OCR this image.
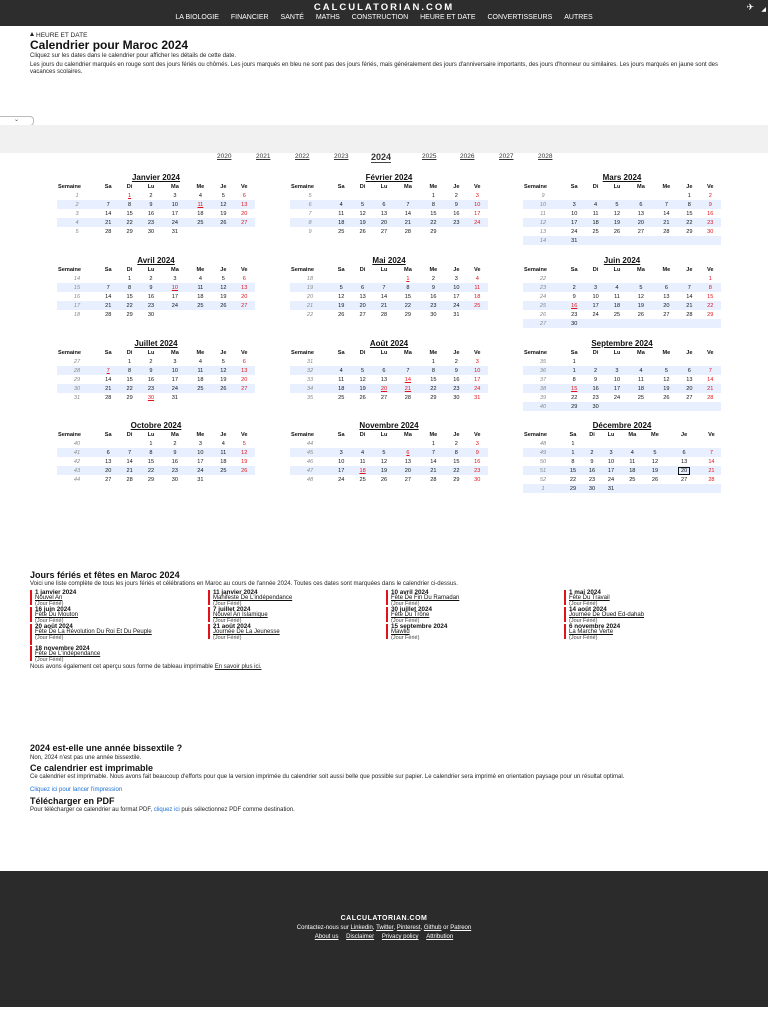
CALCULATORIAN.COM
LA BIOLOGIE FINANCIER SANTÉ MATHS CONSTRUCTION HEURE ET DATE CONVERTISSEURS AUTRES
✈ ◢
HEURE ET DATE
Calendrier pour Maroc 2024
Cliquez sur les dates dans le calendrier pour afficher les détails de cette date.
Les jours du calendrier marqués en rouge sont des jours fériés ou chômés. Les jours marqués en bleu ne sont pas des jours fériés, mais généralement des jours d'anniversaire importants, des jours d'honneur ou similaires. Les jours marqués en jaune sont des vacances scolaires.
⌄
2020	2021	2022	2023	2024	2025	2026	2027	2028
Janvier 2024
Semaine	Sa	Di	Lu	Ma	Me	Je	Ve
1		1	2	3	4	5	6
2	7	8	9	10	11	12	13
3	14	15	16	17	18	19	20
4	21	22	23	24	25	26	27
5	28	29	30	31			
Février 2024
Semaine	Sa	Di	Lu	Ma	Me	Je	Ve
5					1	2	3
6	4	5	6	7	8	9	10
7	11	12	13	14	15	16	17
8	18	19	20	21	22	23	24
9	25	26	27	28	29		
Mars 2024
Semaine	Sa	Di	Lu	Ma	Me	Je	Ve
9						1	2
10	3	4	5	6	7	8	9
11	10	11	12	13	14	15	16
12	17	18	19	20	21	22	23
13	24	25	26	27	28	29	30
14	31						
Avril 2024
Semaine	Sa	Di	Lu	Ma	Me	Je	Ve
14		1	2	3	4	5	6
15	7	8	9	10	11	12	13
16	14	15	16	17	18	19	20
17	21	22	23	24	25	26	27
18	28	29	30				
Mai 2024
Semaine	Sa	Di	Lu	Ma	Me	Je	Ve
18				1	2	3	4
19	5	6	7	8	9	10	11
20	12	13	14	15	16	17	18
21	19	20	21	22	23	24	25
22	26	27	28	29	30	31	
Juin 2024
Semaine	Sa	Di	Lu	Ma	Me	Je	Ve
22							1
23	2	3	4	5	6	7	8
24	9	10	11	12	13	14	15
25	16	17	18	19	20	21	22
26	23	24	25	26	27	28	29
27	30						
Juillet 2024
Semaine	Sa	Di	Lu	Ma	Me	Je	Ve
27		1	2	3	4	5	6
28	7	8	9	10	11	12	13
29	14	15	16	17	18	19	20
30	21	22	23	24	25	26	27
31	28	29	30	31			
Août 2024
Semaine	Sa	Di	Lu	Ma	Me	Je	Ve
31					1	2	3
32	4	5	6	7	8	9	10
33	11	12	13	14	15	16	17
34	18	19	20	21	22	23	24
35	25	26	27	28	29	30	31
Septembre 2024
Semaine	Sa	Di	Lu	Ma	Me	Je	Ve
35	1						
36	1	2	3	4	5	6	7
37	8	9	10	11	12	13	14
38	15	16	17	18	19	20	21
39	22	23	24	25	26	27	28
40	29	30					
Octobre 2024
Semaine	Sa	Di	Lu	Ma	Me	Je	Ve
40			1	2	3	4	5
41	6	7	8	9	10	11	12
42	13	14	15	16	17	18	19
43	20	21	22	23	24	25	26
44	27	28	29	30	31		
Novembre 2024
Semaine	Sa	Di	Lu	Ma	Me	Je	Ve
44					1	2	3
45	3	4	5	6	7	8	9
46	10	11	12	13	14	15	16
47	17	18	19	20	21	22	23
48	24	25	26	27	28	29	30
Décembre 2024
Semaine	Sa	Di	Lu	Ma	Me	Je	Ve
48	1						
49	1	2	3	4	5	6	7
50	8	9	10	11	12	13	14
51	15	16	17	18	19	20	21
52	22	23	24	25	26	27	28
1	29	30	31				
Jours fériés et fêtes en Maroc 2024
Voici une liste complète de tous les jours fériés et célébrations en Maroc au cours de l'année 2024. Toutes ces dates sont marquées dans le calendrier ci-dessus.
1 janvier 2024
Nouvel An
(Jour Férié)
11 janvier 2024
Manifeste De L'indépendance
(Jour Férié)
10 avril 2024
Fête De Fin Du Ramadan
(Jour Férié)
1 mai 2024
Fête Du Travail
(Jour Férié)
16 juin 2024
Fête Du Mouton
(Jour Férié)
7 juillet 2024
Nouvel An Islamique
(Jour Férié)
30 juillet 2024
Fête Du Trône
(Jour Férié)
14 août 2024
Journée De Oued Ed-dahab
(Jour Férié)
20 août 2024
Fête De La Révolution Du Roi Et Du Peuple
(Jour Férié)
21 août 2024
Journée De La Jeunesse
(Jour Férié)
15 septembre 2024
Mawlid
(Jour Férié)
6 novembre 2024
La Marche Verte
(Jour Férié)
18 novembre 2024
Fête De L'indépendance
(Jour Férié)
Nous avons également cet aperçu sous forme de tableau imprimable En savoir plus ici.
2024 est-elle une année bissextile ?
Non, 2024 n'est pas une année bissextile.
Ce calendrier est imprimable
Ce calendrier est imprimable. Nous avons fait beaucoup d'efforts pour que la version imprimée du calendrier soit aussi belle que possible sur papier. Le calendrier sera imprimé en orientation paysage pour un résultat optimal.
Cliquez ici pour lancer l'impression
Télécharger en PDF
Pour télécharger ce calendrier au format PDF, cliquez ici puis sélectionnez PDF comme destination.
CALCULATORIAN.COM
Contactez-nous sur Linkedin, Twitter, Pinterest, Github or Patreon
About us Disclaimer Privacy policy Attribution
